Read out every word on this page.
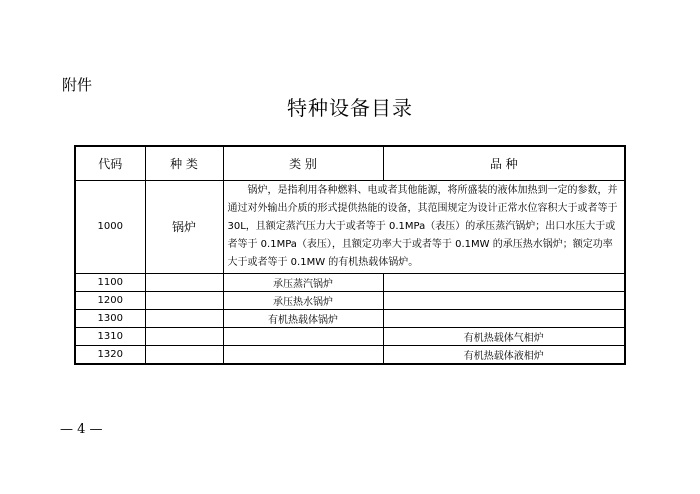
附件
特种设备目录
代码	种 类	类 别	品 种
1000	锅炉	锅炉，是指利用各种燃料、电或者其他能源，将所盛装的液体加热到一定的参数，并通过对外输出介质的形式提供热能的设备，其范围规定为设计正常水位容积大于或者等于30L，且额定蒸汽压力大于或者等于 0.1MPa（表压）的承压蒸汽锅炉；出口水压大于或者等于 0.1MPa（表压），且额定功率大于或者等于 0.1MW 的承压热水锅炉；额定功率大于或者等于 0.1MW 的有机热载体锅炉。	

1100		承压蒸汽锅炉	
1200		承压热水锅炉	
1300		有机热载体锅炉	
1310			有机热载体气相炉
1320			有机热载体液相炉
— 4 —
